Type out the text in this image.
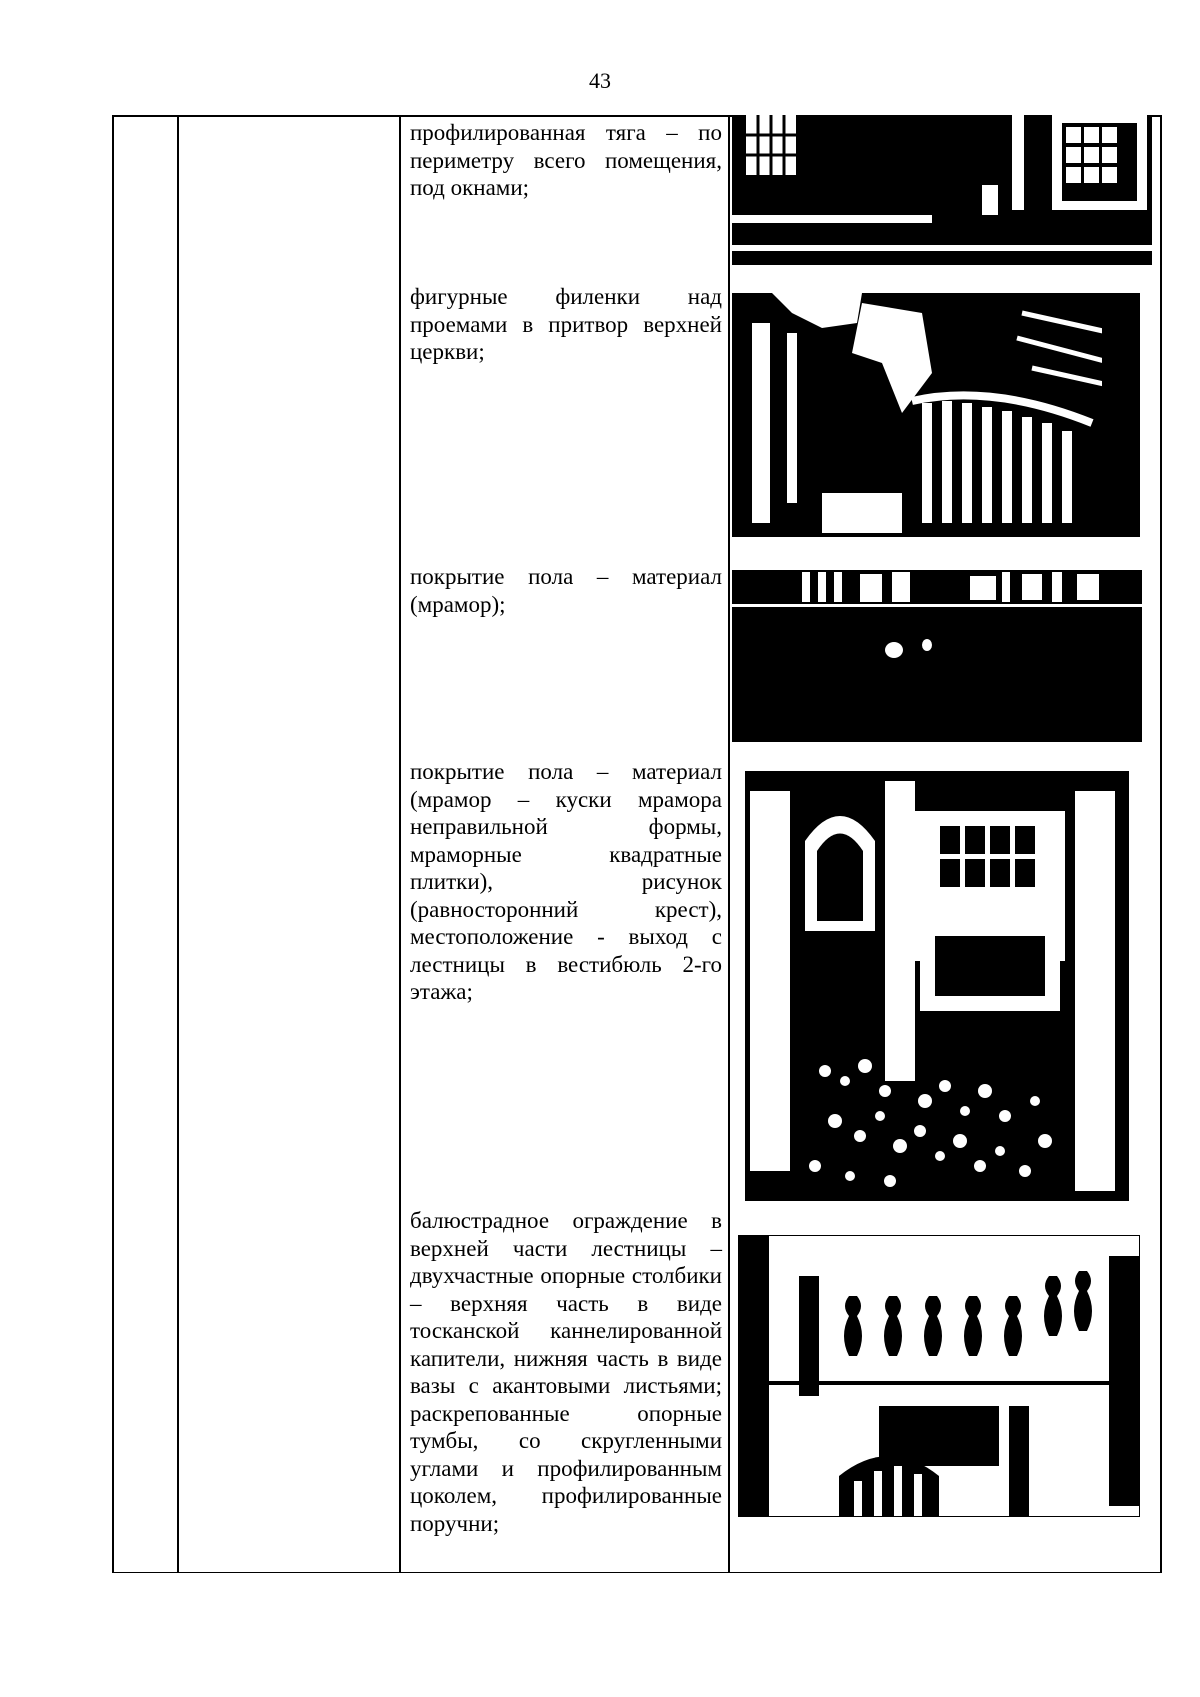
43
профилированная тяга – по периметру всего помещения, под окнами;
фигурные филенки над проемами в притвор верхней церкви;
покрытие пола – материал (мрамор);
покрытие пола – материал (мрамор – куски мрамора неправильной формы, мраморные квадратные плитки), рисунок (равносторонний крест), местоположение - выход с лестницы в вестибюль 2-го этажа;
балюстрадное ограждение в верхней части лестницы – двухчастные опорные столбики – верхняя часть в виде тосканской каннелированной капители, нижняя часть в виде вазы с акантовыми листьями; раскрепованные опорные тумбы, со скругленными углами и профилированным цоколем, профилированные поручни;
